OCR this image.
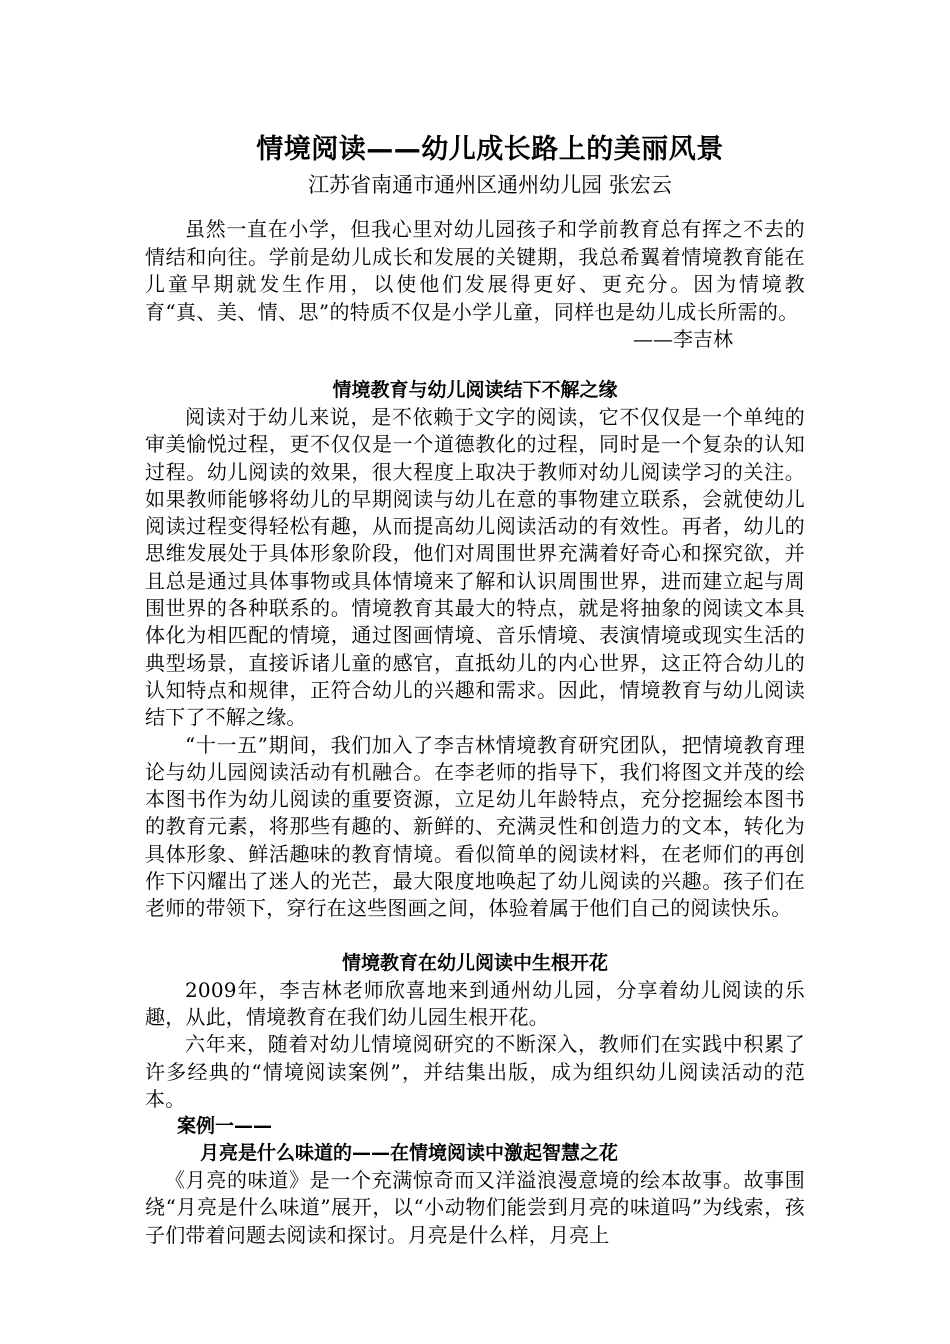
情境阅读——幼儿成长路上的美丽风景
江苏省南通市通州区通州幼儿园 张宏云

虽然一直在小学，但我心里对幼儿园孩子和学前教育总有挥之不去的情结和向往。学前是幼儿成长和发展的关键期，我总希翼着情境教育能在儿童早期就发生作用，以使他们发展得更好、更充分。因为情境教育“真、美、情、思”的特质不仅是小学儿童，同样也是幼儿成长所需的。

——李吉林
情境教育与幼儿阅读结下不解之缘

阅读对于幼儿来说，是不依赖于文字的阅读，它不仅仅是一个单纯的审美愉悦过程，更不仅仅是一个道德教化的过程，同时是一个复杂的认知过程。幼儿阅读的效果，很大程度上取决于教师对幼儿阅读学习的关注。如果教师能够将幼儿的早期阅读与幼儿在意的事物建立联系，会就使幼儿阅读过程变得轻松有趣，从而提高幼儿阅读活动的有效性。再者，幼儿的思维发展处于具体形象阶段，他们对周围世界充满着好奇心和探究欲，并且总是通过具体事物或具体情境来了解和认识周围世界，进而建立起与周围世界的各种联系的。情境教育其最大的特点，就是将抽象的阅读文本具体化为相匹配的情境，通过图画情境、音乐情境、表演情境或现实生活的典型场景，直接诉诸儿童的感官，直抵幼儿的内心世界，这正符合幼儿的认知特点和规律，正符合幼儿的兴趣和需求。因此，情境教育与幼儿阅读结下了不解之缘。

“十一五”期间，我们加入了李吉林情境教育研究团队，把情境教育理论与幼儿园阅读活动有机融合。在李老师的指导下，我们将图文并茂的绘本图书作为幼儿阅读的重要资源，立足幼儿年龄特点，充分挖掘绘本图书的教育元素，将那些有趣的、新鲜的、充满灵性和创造力的文本，转化为具体形象、鲜活趣味的教育情境。看似简单的阅读材料，在老师们的再创作下闪耀出了迷人的光芒，最大限度地唤起了幼儿阅读的兴趣。孩子们在老师的带领下，穿行在这些图画之间，体验着属于他们自己的阅读快乐。

情境教育在幼儿阅读中生根开花

2009年，李吉林老师欣喜地来到通州幼儿园，分享着幼儿阅读的乐趣，从此，情境教育在我们幼儿园生根开花。

六年来，随着对幼儿情境阅研究的不断深入，教师们在实践中积累了许多经典的“情境阅读案例”，并结集出版，成为组织幼儿阅读活动的范本。

案例一——
月亮是什么味道的——在情境阅读中激起智慧之花

《月亮的味道》是一个充满惊奇而又洋溢浪漫意境的绘本故事。故事围绕“月亮是什么味道”展开，以“小动物们能尝到月亮的味道吗”为线索，孩子们带着问题去阅读和探讨。月亮是什么样，月亮上
